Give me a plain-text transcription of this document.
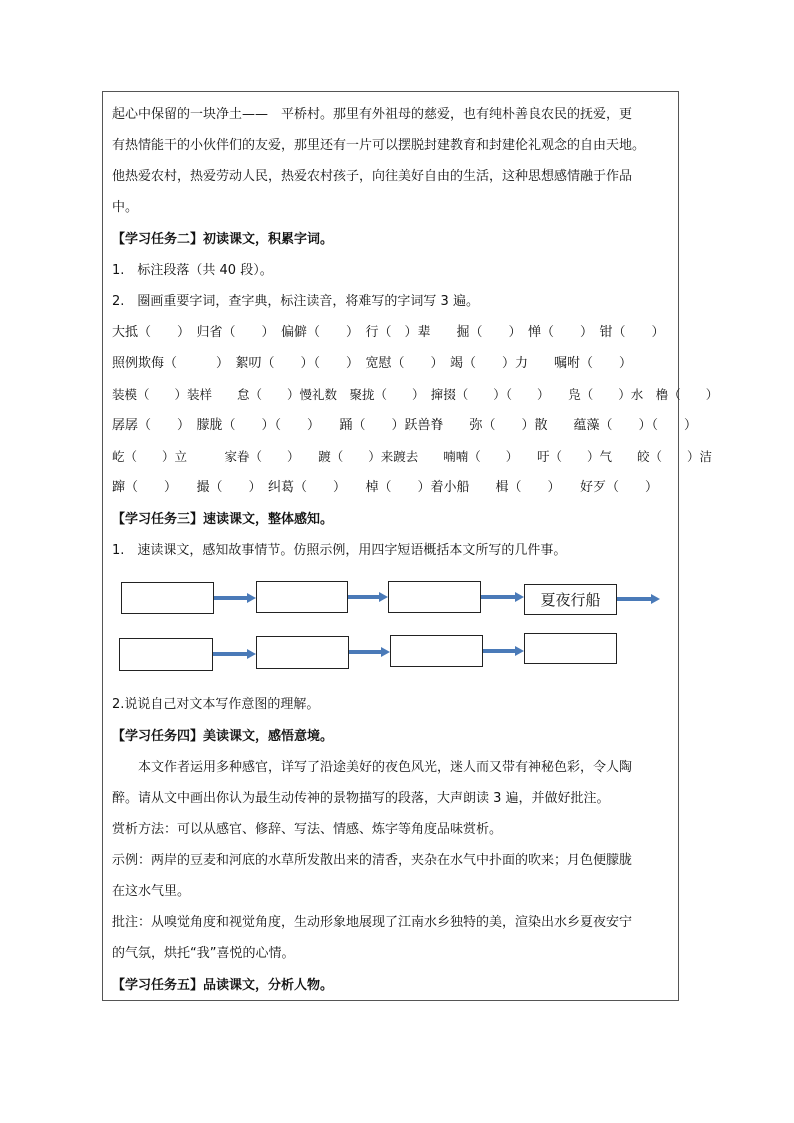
起心中保留的一块净土——　平桥村。那里有外祖母的慈爱，也有纯朴善良农民的抚爱，更
有热情能干的小伙伴们的友爱，那里还有一片可以摆脱封建教育和封建伦礼观念的自由天地。
他热爱农村，热爱劳动人民，热爱农村孩子，向往美好自由的生活，这种思想感情融于作品
中。
【学习任务二】初读课文，积累字词。
1.　标注段落（共 40 段）。
2.　圈画重要字词，查字典，标注读音，将难写的字词写 3 遍。
大抵（　　）　归省（　　）　偏僻（　　）　行（　）辈　　掘（　　）　惮（　　）　钳（　　）
照例欺侮（　　　）　絮叨（　　）（　　）　宽慰（　　）　竭（　　）力　　嘱咐（　　）
装模（　　）装样　　怠（　　）慢礼数　聚拢（　　）　撺掇（　　）（　　）　　凫（　　）水　橹（　　）
孱孱（　　）　朦胧（　　）（　　）　　踊（　　）跃兽脊　　弥（　　）散　　蕴藻（　　）（　　）
屹（　　）立　　　家眷（　　）　　踱（　　）来踱去　　喃喃（　　）　　吁（　　）气　　皎（　　）洁
蹿（　　）　　撮（　　）　纠葛（　　）　　棹（　　）着小船　　楫（　　）　　好歹（　　）
【学习任务三】速读课文，整体感知。
1.　速读课文，感知故事情节。仿照示例，用四字短语概括本文所写的几件事。
夏夜行船
2.说说自己对文本写作意图的理解。
【学习任务四】美读课文，感悟意境。
　　本文作者运用多种感官，详写了沿途美好的夜色风光，迷人而又带有神秘色彩，令人陶
醉。请从文中画出你认为最生动传神的景物描写的段落，大声朗读 3 遍，并做好批注。
赏析方法：可以从感官、修辞、写法、情感、炼字等角度品味赏析。
示例：两岸的豆麦和河底的水草所发散出来的清香，夹杂在水气中扑面的吹来；月色便朦胧
在这水气里。
批注：从嗅觉角度和视觉角度，生动形象地展现了江南水乡独特的美，渲染出水乡夏夜安宁
的气氛，烘托“我”喜悦的心情。
【学习任务五】品读课文，分析人物。
